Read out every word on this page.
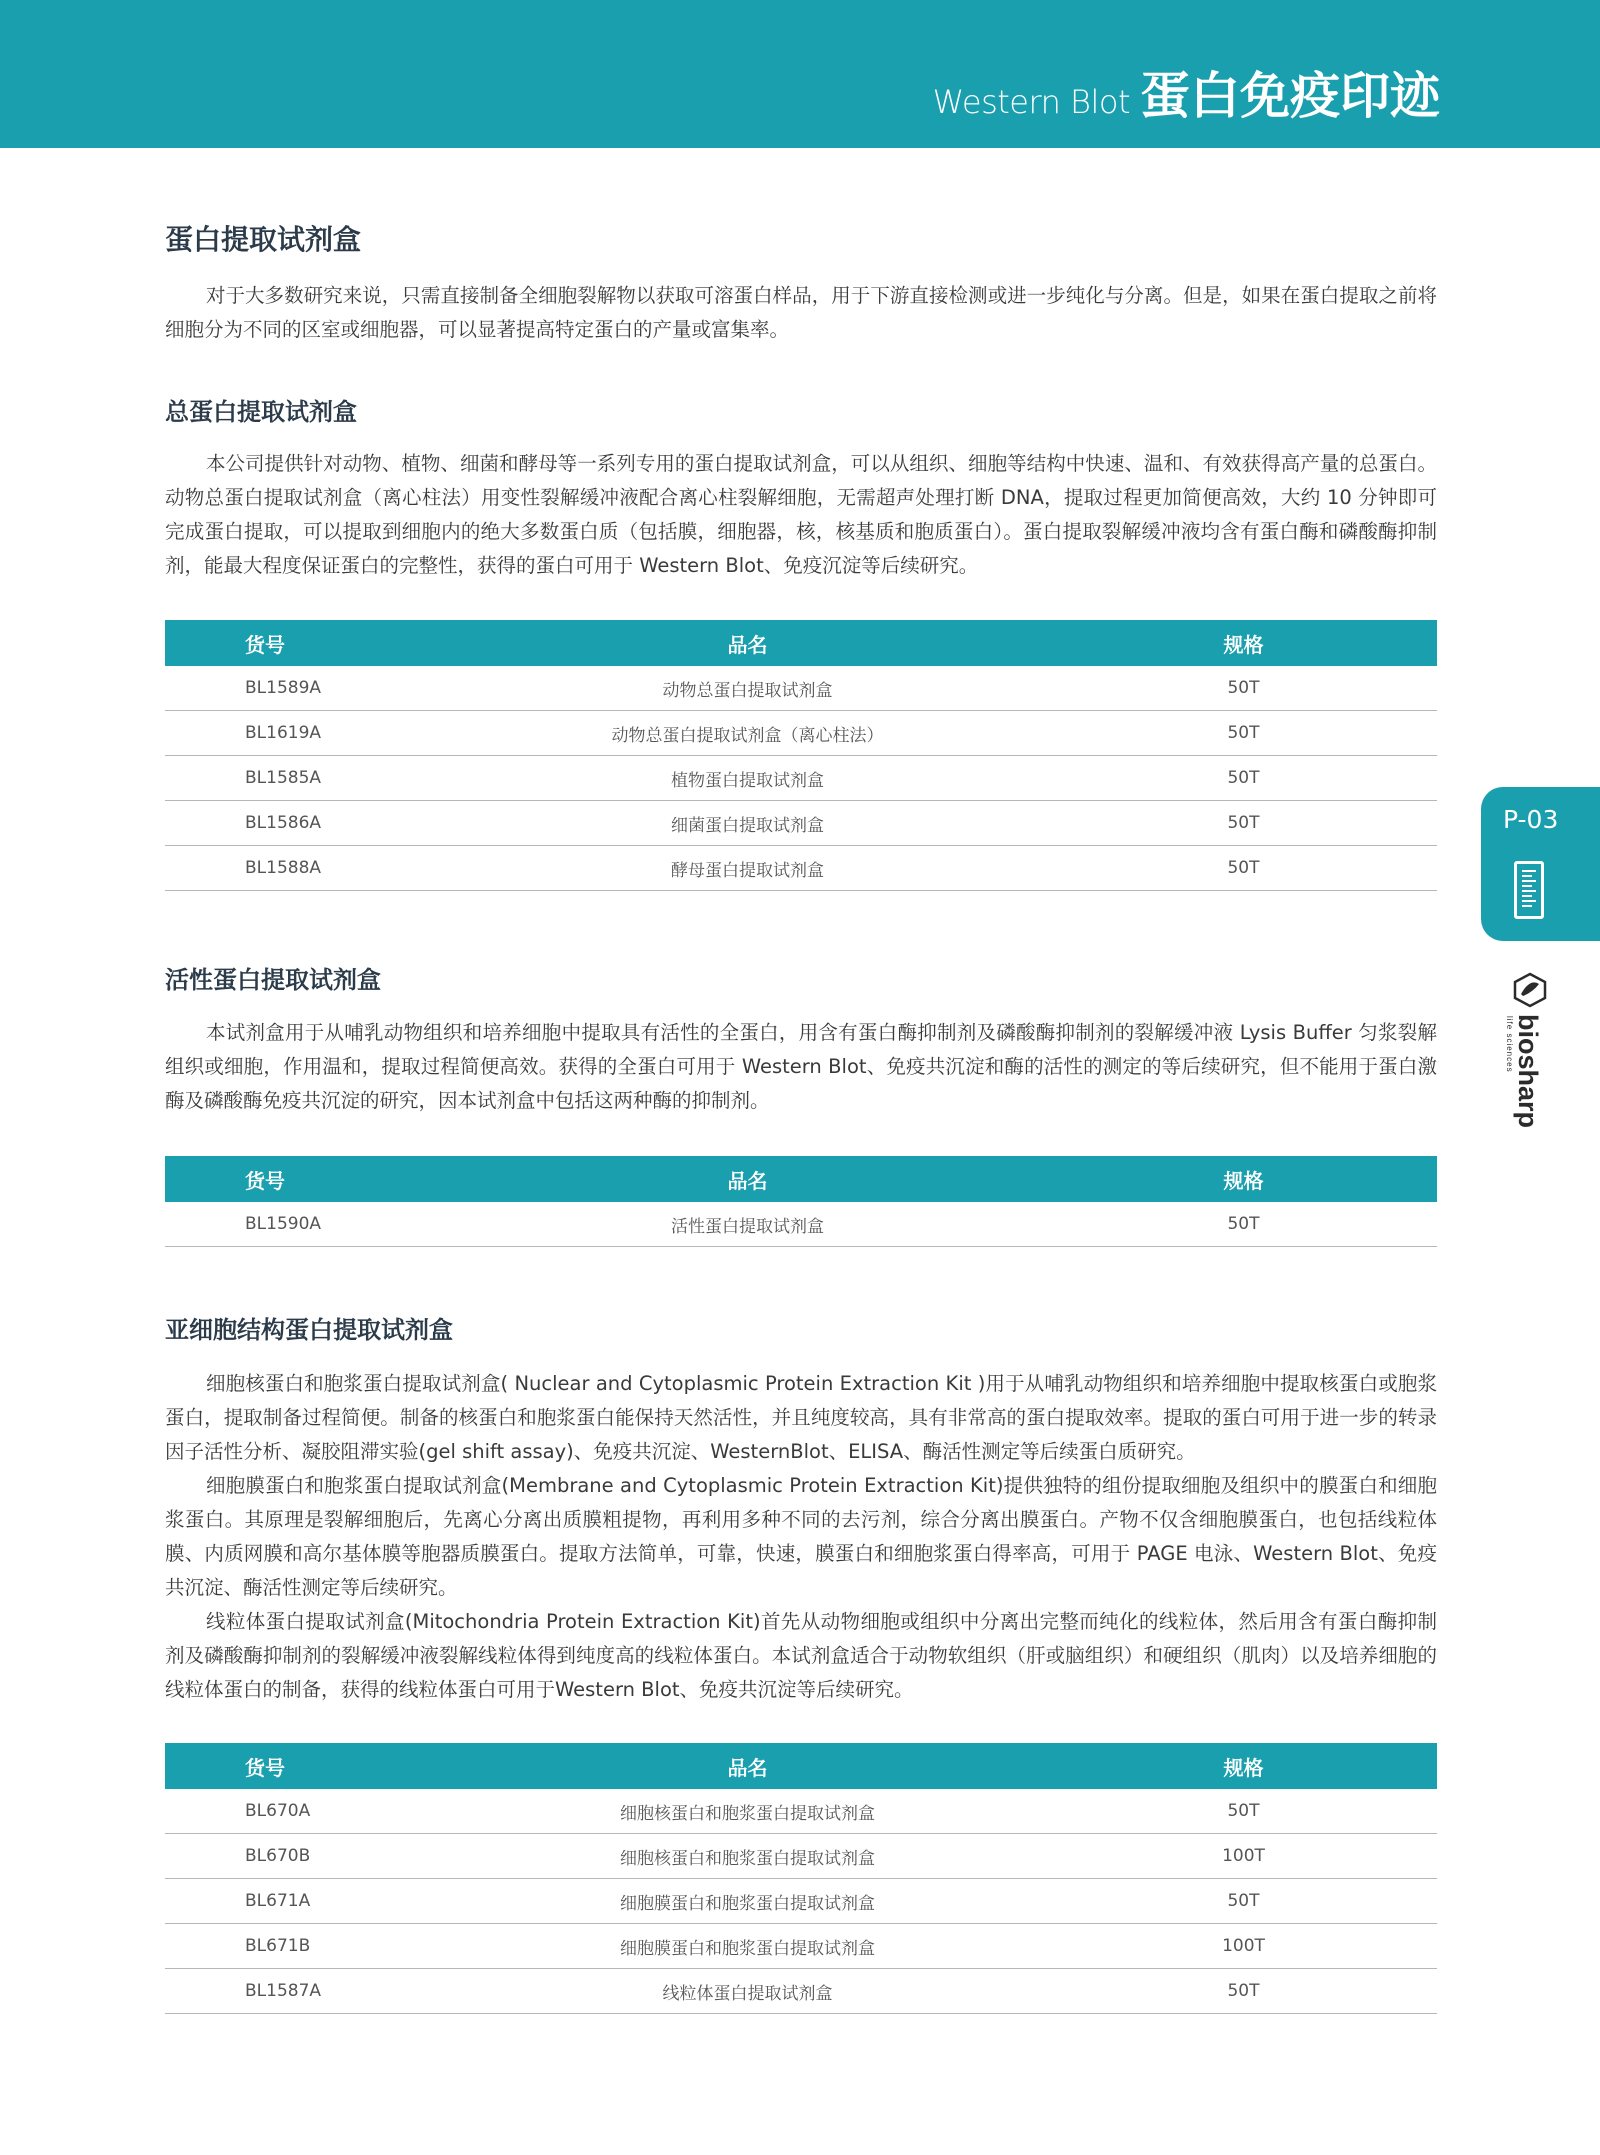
Western Blot 蛋白免疫印迹
蛋白提取试剂盒

对于大多数研究来说，只需直接制备全细胞裂解物以获取可溶蛋白样品，用于下游直接检测或进一步纯化与分离。但是，如果在蛋白提取之前将细胞分为不同的区室或细胞器，可以显著提高特定蛋白的产量或富集率。

总蛋白提取试剂盒

本公司提供针对动物、植物、细菌和酵母等一系列专用的蛋白提取试剂盒，可以从组织、细胞等结构中快速、温和、有效获得高产量的总蛋白。动物总蛋白提取试剂盒（离心柱法）用变性裂解缓冲液配合离心柱裂解细胞，无需超声处理打断 DNA，提取过程更加简便高效，大约 10 分钟即可完成蛋白提取，可以提取到细胞内的绝大多数蛋白质（包括膜，细胞器，核，核基质和胞质蛋白）。蛋白提取裂解缓冲液均含有蛋白酶和磷酸酶抑制剂，能最大程度保证蛋白的完整性，获得的蛋白可用于 Western Blot、免疫沉淀等后续研究。

货号	品名	规格
BL1589A	动物总蛋白提取试剂盒	50T
BL1619A	动物总蛋白提取试剂盒（离心柱法）	50T
BL1585A	植物蛋白提取试剂盒	50T
BL1586A	细菌蛋白提取试剂盒	50T
BL1588A	酵母蛋白提取试剂盒	50T
活性蛋白提取试剂盒

本试剂盒用于从哺乳动物组织和培养细胞中提取具有活性的全蛋白，用含有蛋白酶抑制剂及磷酸酶抑制剂的裂解缓冲液 Lysis Buffer 匀浆裂解组织或细胞，作用温和，提取过程简便高效。获得的全蛋白可用于 Western Blot、免疫共沉淀和酶的活性的测定的等后续研究，但不能用于蛋白激酶及磷酸酶免疫共沉淀的研究，因本试剂盒中包括这两种酶的抑制剂。

货号	品名	规格
BL1590A	活性蛋白提取试剂盒	50T
亚细胞结构蛋白提取试剂盒

细胞核蛋白和胞浆蛋白提取试剂盒( Nuclear and Cytoplasmic Protein Extraction Kit )用于从哺乳动物组织和培养细胞中提取核蛋白或胞浆蛋白，提取制备过程简便。制备的核蛋白和胞浆蛋白能保持天然活性，并且纯度较高，具有非常高的蛋白提取效率。提取的蛋白可用于进一步的转录因子活性分析、凝胶阻滞实验(gel shift assay)、免疫共沉淀、WesternBlot、ELISA、酶活性测定等后续蛋白质研究。

细胞膜蛋白和胞浆蛋白提取试剂盒(Membrane and Cytoplasmic Protein Extraction Kit)提供独特的组份提取细胞及组织中的膜蛋白和细胞浆蛋白。其原理是裂解细胞后，先离心分离出质膜粗提物，再利用多种不同的去污剂，综合分离出膜蛋白。产物不仅含细胞膜蛋白，也包括线粒体膜、内质网膜和高尔基体膜等胞器质膜蛋白。提取方法简单，可靠，快速，膜蛋白和细胞浆蛋白得率高，可用于 PAGE 电泳、Western Blot、免疫共沉淀、酶活性测定等后续研究。

线粒体蛋白提取试剂盒(Mitochondria Protein Extraction Kit)首先从动物细胞或组织中分离出完整而纯化的线粒体，然后用含有蛋白酶抑制剂及磷酸酶抑制剂的裂解缓冲液裂解线粒体得到纯度高的线粒体蛋白。本试剂盒适合于动物软组织（肝或脑组织）和硬组织（肌肉）以及培养细胞的线粒体蛋白的制备，获得的线粒体蛋白可用于Western Blot、免疫共沉淀等后续研究。

货号	品名	规格
BL670A	细胞核蛋白和胞浆蛋白提取试剂盒	50T
BL670B	细胞核蛋白和胞浆蛋白提取试剂盒	100T
BL671A	细胞膜蛋白和胞浆蛋白提取试剂盒	50T
BL671B	细胞膜蛋白和胞浆蛋白提取试剂盒	100T
BL1587A	线粒体蛋白提取试剂盒	50T
P-03
biosharp
life sciences
